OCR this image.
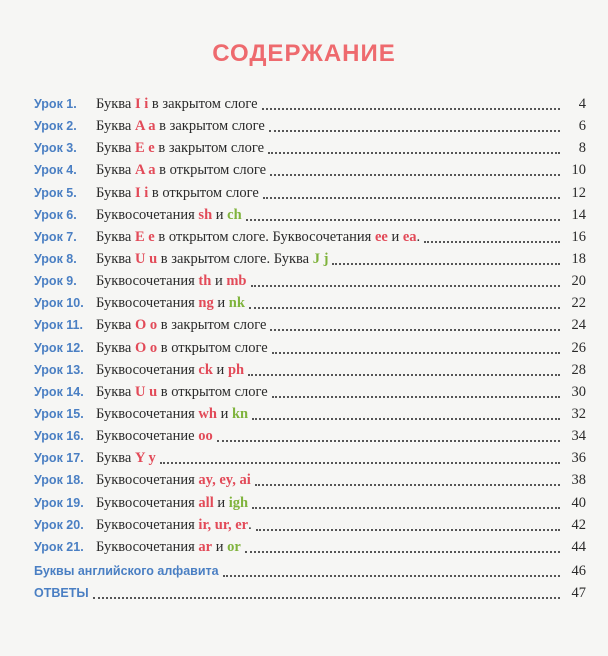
СОДЕРЖАНИЕ
Урок 1.	Буква I i в закрытом слоге	4
Урок 2.	Буква A a в закрытом слоге	6
Урок 3.	Буква E e в закрытом слоге	8
Урок 4.	Буква A a в открытом слоге	10
Урок 5.	Буква I i в открытом слоге	12
Урок 6.	Буквосочетания sh и ch	14
Урок 7.	Буква E e в открытом слоге. Буквосочетания ee и ea.	16
Урок 8.	Буква U u в закрытом слоге. Буква J j	18
Урок 9.	Буквосочетания th и mb	20
Урок 10. Буквосочетания ng и nk	22
Урок 11. Буква O o в закрытом слоге	24
Урок 12. Буква O o в открытом слоге	26
Урок 13. Буквосочетания ck и ph	28
Урок 14. Буква U u в открытом слоге	30
Урок 15. Буквосочетания wh и kn	32
Урок 16. Буквосочетание oo	34
Урок 17. Буква Y y	36
Урок 18. Буквосочетания ay, ey, ai	38
Урок 19. Буквосочетания all и igh	40
Урок 20. Буквосочетания ir, ur, er.	42
Урок 21. Буквосочетания ar и or	44
Буквы английского алфавита	46
ОТВЕТЫ	47
